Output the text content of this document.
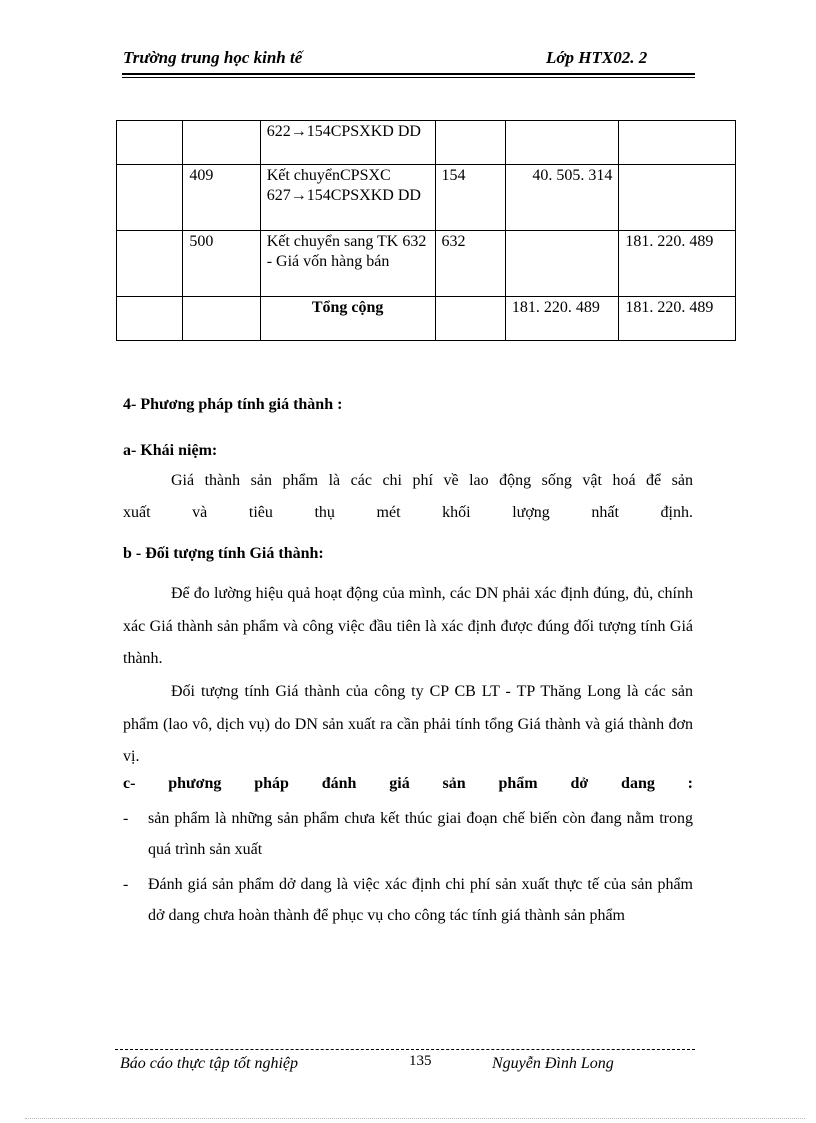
Trường trung học kinh tế	Lớp HTX02. 2
		622→154CPSXKD DD			
	409	Kết chuyểnCPSXC 627→154CPSXKD DD	154	40. 505. 314	
	500	Kết chuyển sang TK 632 - Giá vốn hàng bán	632		181. 220. 489
		Tổng cộng		181. 220. 489	181. 220. 489
4- Phương pháp tính giá thành :
a- Khái niệm:
Giá thành sản phẩm là các chi phí về lao động sống vật hoá để sản
xuất và tiêu thụ mét khối lượng nhất định.
b - Đối tượng tính Giá thành:
Để đo lường hiệu quả hoạt động của mình, các DN phải xác định đúng, đủ, chính xác Giá thành sản phẩm và công việc đầu tiên là xác định được đúng đối tượng tính Giá thành.
Đối tượng tính Giá thành của công ty CP CB LT - TP Thăng Long là các sản phẩm (lao vô, dịch vụ) do DN sản xuất ra cần phải tính tổng Giá thành và giá thành đơn vị.
c- phương pháp đánh giá sản phẩm dở dang :
- sản phẩm là những sản phẩm chưa kết thúc giai đoạn chế biến còn đang nằm trong quá trình sản xuất
- Đánh giá sản phẩm dở dang là việc xác định chi phí sản xuất thực tế của sản phẩm dở dang chưa hoàn thành để phục vụ cho công tác tính giá thành sản phẩm
Báo cáo thực tập tốt nghiệp	135	Nguyễn Đình Long
